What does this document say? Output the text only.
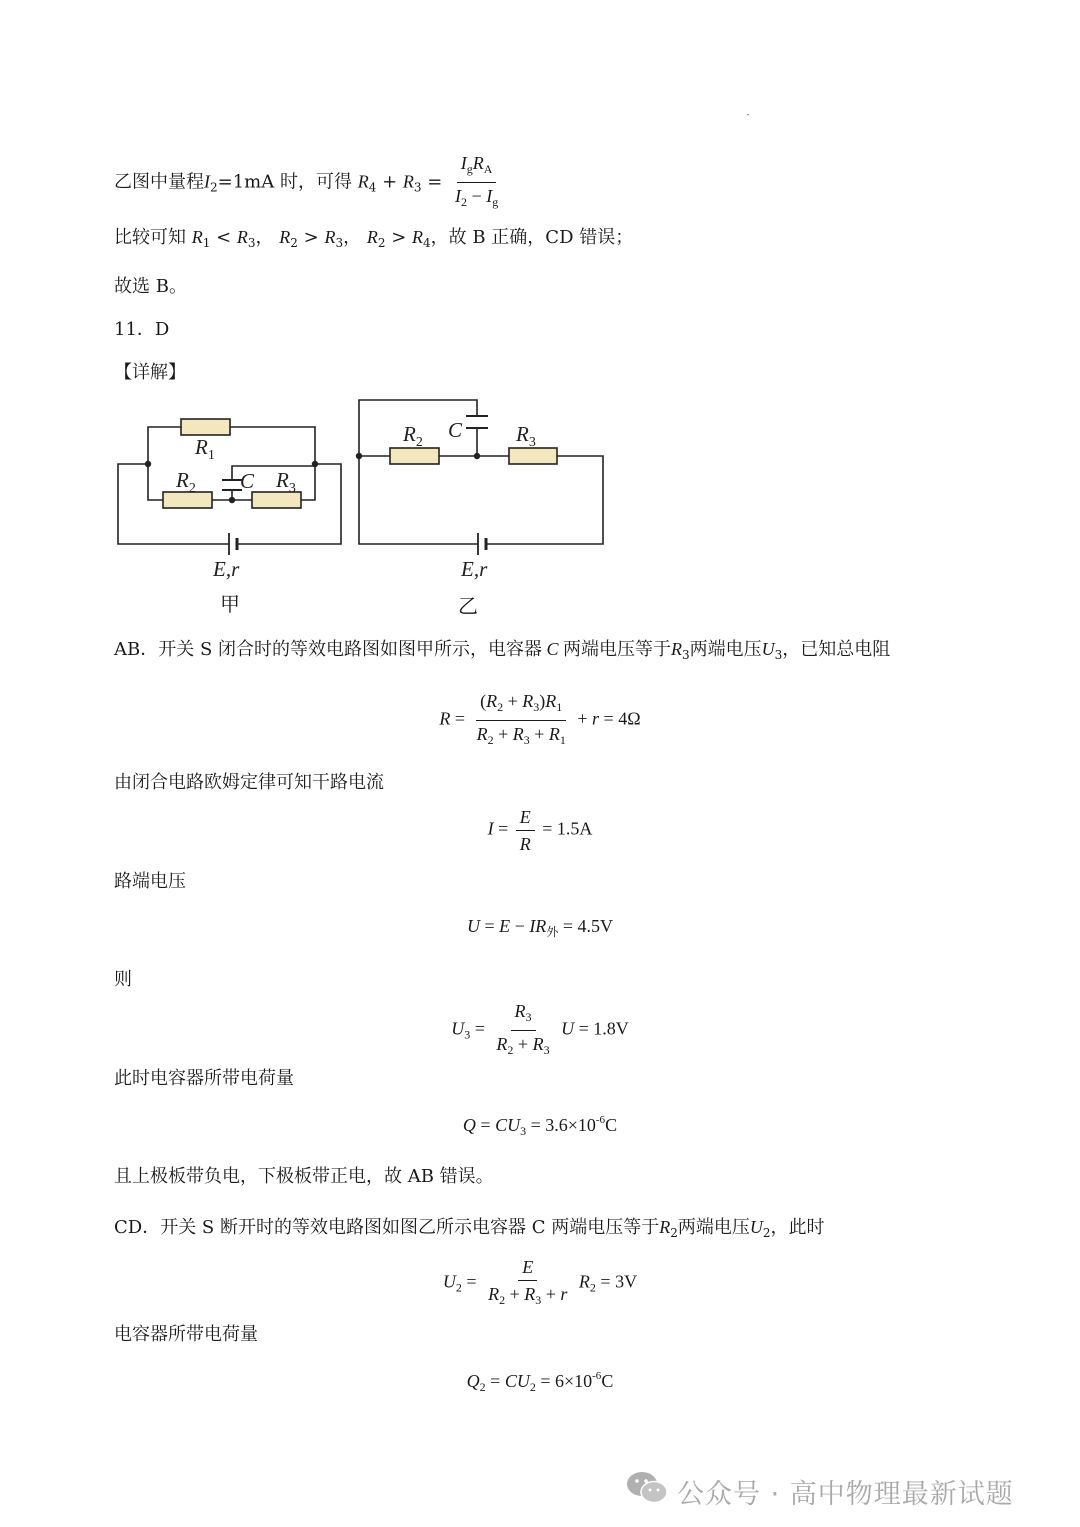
·
乙图中量程$I_2=1mA$ 时，可得 $R_4 + R_3 = \frac{I_gR_A}{I_2 - I_g}$
比较可知 $R_1 < R_3$， $R_2 > R_3$， $R_2 > R_4$，故 B 正确，CD 错误；
故选 B。
11．D
【详解】
$R_1$
$R_2$ C $R_3$
$R_2$
C	$R_3$
E,r	E,r
甲	乙
AB．开关 S 闭合时的等效电路图如图甲所示，电容器 C 两端电压等于$R_3$两端电压$U_3$，已知总电阻
$R = \frac{(R_2 + R_3)R_1}{R_2 + R_3 + R_1} + r = 4\Omega$
由闭合电路欧姆定律可知干路电流
$I = \frac{E}{R} = 1.5A$
路端电压
$U = E - IR_外 = 4.5V$
则
$U_3 = \frac{R_3}{R_2 + R_3}$ U = 1.8V
此时电容器所带电荷量
$Q = CU_3 = 3.6\times 10^{-6}C$
且上极板带负电，下极板带正电，故 AB 错误。
CD．开关 S 断开时的等效电路图如图乙所示电容器 C 两端电压等于$R_2$两端电压$U_2$，此时
$U_2 = \frac{E}{R_2 + R_3 + r} R_2 = 3V$
电容器所带电荷量
$Q_2 = CU_2 = 6\times 10^{-6}C$
公众号 · 高中物理最新试题
